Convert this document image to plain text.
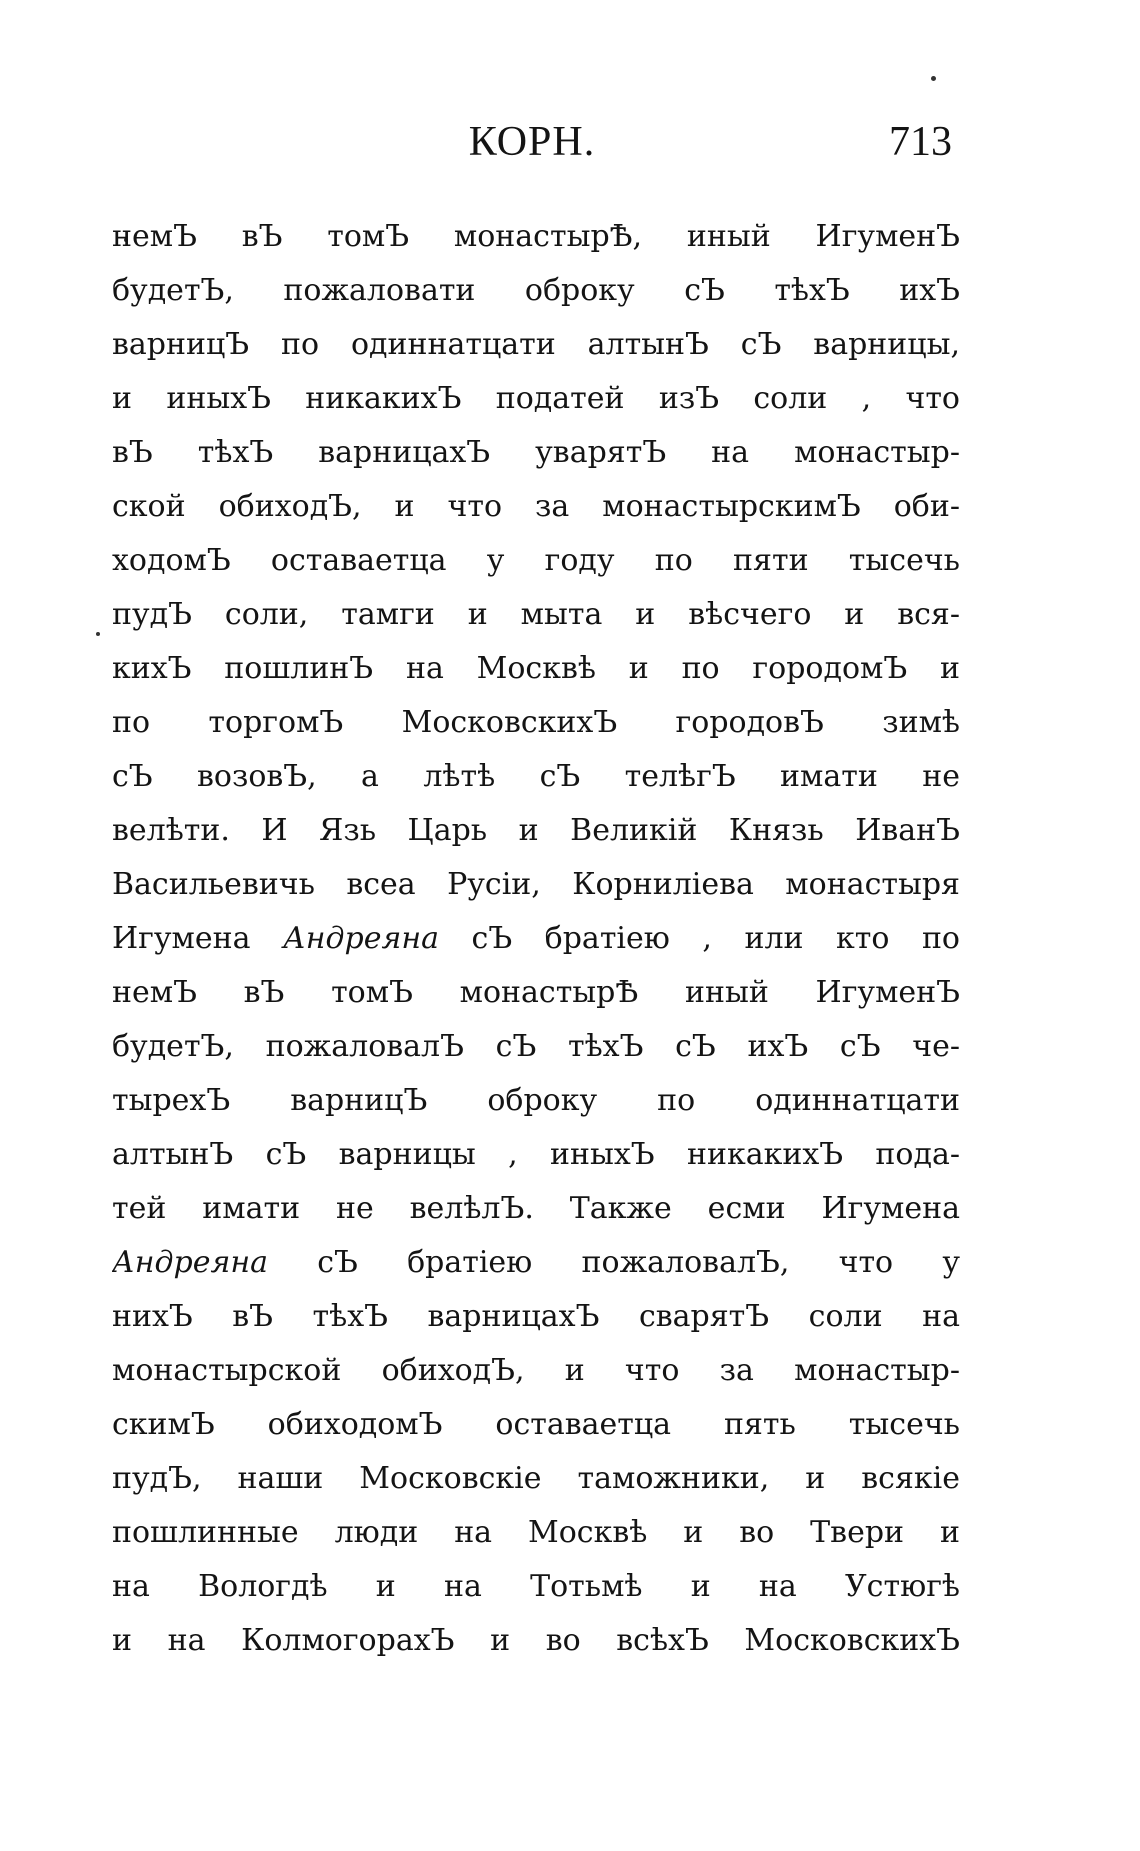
КОРН.	713
немЪ вЪ томЪ монастырѢ, иный ИгуменЪ
будетЪ, пожаловати оброку сЪ тѣхЪ ихЪ
варницЪ по одиннатцати алтынЪ сЪ варницы,
и иныхЪ никакихЪ податей изЪ соли , что
вЪ тѣхЪ варницахЪ уварятЪ на монастыр-
ской обиходЪ, и что за монастырскимЪ оби-
ходомЪ оставаетца у году по пяти тысечь
пудЪ соли, тамги и мыта и вѣсчего и вся-
кихЪ пошлинЪ на Москвѣ и по городомЪ и
по торгомЪ МосковскихЪ городовЪ зимѣ
сЪ возовЪ, а лѣтѣ сЪ телѣгЪ имати не
велѣти. И Язь Царь и Великій Князь ИванЪ
Васильевичь всеа Русіи, Корниліева монастыря
Игумена Андреяна сЪ братіею , или кто по
немЪ вЪ томЪ монастырѢ иный ИгуменЪ
будетЪ, пожаловалЪ сЪ тѣхЪ сЪ ихЪ сЪ че-
тырехЪ варницЪ оброку по одиннатцати
алтынЪ сЪ варницы , иныхЪ никакихЪ пода-
тей имати не велѣлЪ. Также есми Игумена
Андреяна сЪ братіею пожаловалЪ, что у
нихЪ вЪ тѣхЪ варницахЪ сварятЪ соли на
монастырской обиходЪ, и что за монастыр-
скимЪ обиходомЪ оставаетца пять тысечь
пудЪ, наши Московскіе таможники, и всякіе
пошлинные люди на Москвѣ и во Твери и
на Вологдѣ и на Тотьмѣ и на Устюгѣ
и на КолмогорахЪ и во всѣхЪ МосковскихЪ
